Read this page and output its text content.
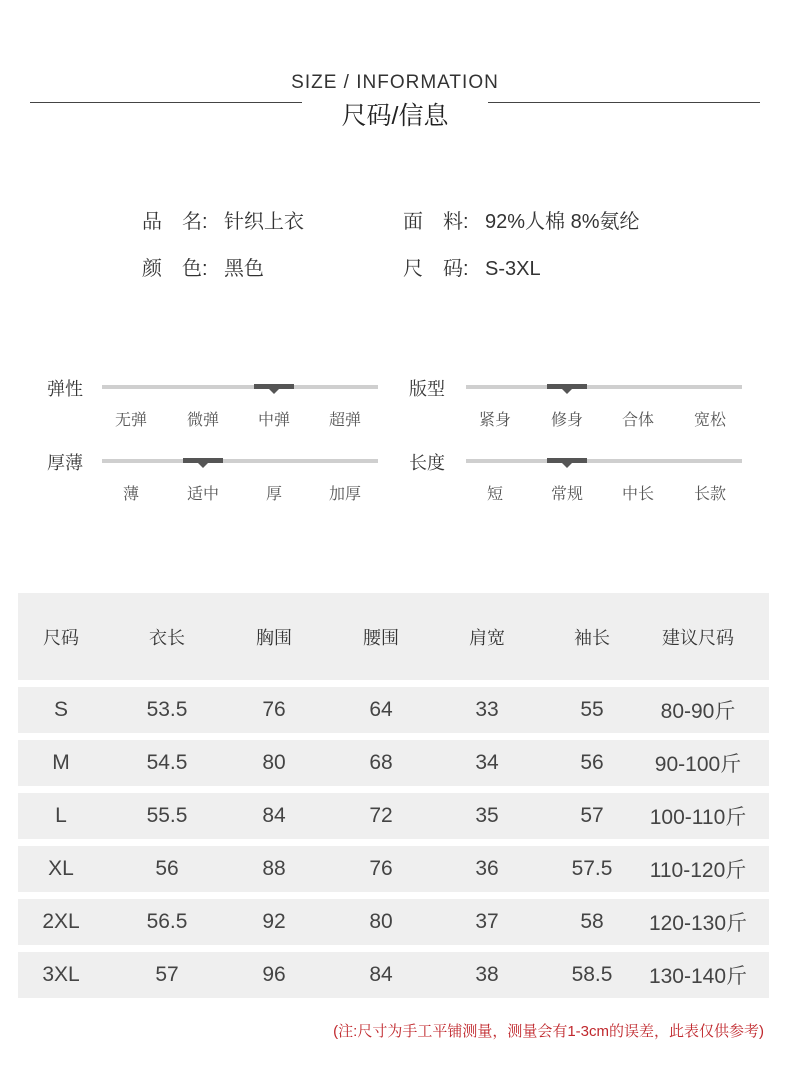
SIZE / INFORMATION
尺码/信息
品　名: 针织上衣	面　料: 92%人棉 8%氨纶
颜　色: 黑色	尺　码: S-3XL
弹性
无弹	微弹	中弹	超弹
版型
紧身	修身	合体	宽松
厚薄
薄	适中	厚	加厚
长度
短	常规	中长	长款
尺码	衣长	胸围	腰围	肩宽	袖长	建议尺码
S	53.5	76	64	33	55	80-90斤
M	54.5	80	68	34	56	90-100斤
L	55.5	84	72	35	57	100-110斤
XL	56	88	76	36	57.5	110-120斤
2XL	56.5	92	80	37	58	120-130斤
3XL	57	96	84	38	58.5	130-140斤
(注:尺寸为手工平铺测量，测量会有1-3cm的误差，此表仅供参考)
